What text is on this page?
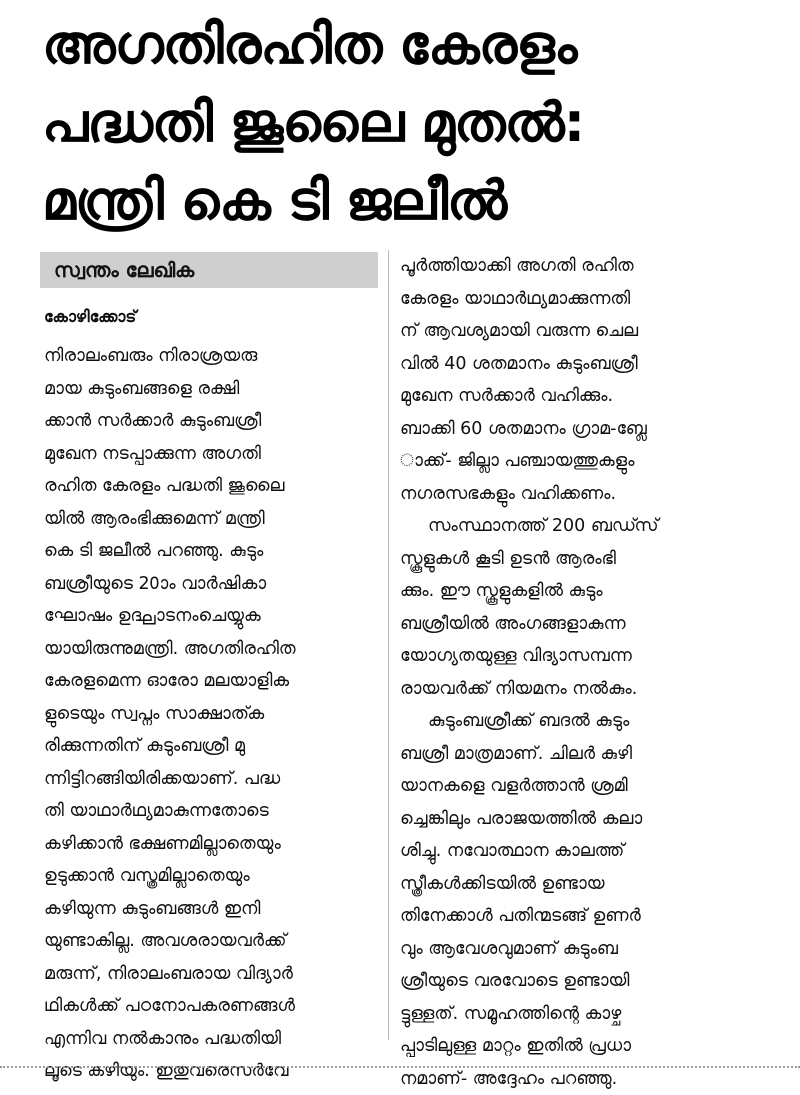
അഗതിരഹിത കേരളം
പദ്ധതി ജൂലൈ മുതൽ:
മന്ത്രി കെ ടി ജലീൽ
സ്വന്തം ലേഖിക
കോഴിക്കോട്
നിരാലംബരും നിരാശ്രയരു
മായ കുടുംബങ്ങളെ രക്ഷി
ക്കാൻ സർക്കാർ കുടുംബശ്രീ
മുഖേന നടപ്പാക്കുന്ന അഗതി
രഹിത കേരളം പദ്ധതി ജൂലൈ
യിൽ ആരംഭിക്കുമെന്ന് മന്ത്രി
കെ ടി ജലീൽ പറഞ്ഞു. കുടും
ബശ്രീയുടെ 20ാം വാർഷികാ
ഘോഷം ഉദ്ഘാടനംചെയ്യുക
യായിരുന്നുമന്ത്രി. അഗതിരഹിത
കേരളമെന്ന ഓരോ മലയാളിക
ളുടെയും സ്വപ്നം സാക്ഷാത്ക
രിക്കുന്നതിന് കുടുംബശ്രീ മു
ന്നിട്ടിറങ്ങിയിരിക്കയാണ്. പദ്ധ
തി യാഥാർഥ്യമാകുന്നതോടെ
കഴിക്കാൻ ഭക്ഷണമില്ലാതെയും
ഉടുക്കാൻ വസ്ത്രമില്ലാതെയും
കഴിയുന്ന കുടുംബങ്ങൾ ഇനി
യുണ്ടാകില്ല. അവശരായവർക്ക്
മരുന്ന്, നിരാലംബരായ വിദ്യാർ
ഥികൾക്ക് പഠനോപകരണങ്ങൾ
എന്നിവ നൽകാനും പദ്ധതിയി
ലൂടെ കഴിയും. ഇതുവരെസർവേ
പൂർത്തിയാക്കി അഗതി രഹിത
കേരളം യാഥാർഥ്യമാക്കുന്നതി
ന് ആവശ്യമായി വരുന്ന ചെല
വിൽ 40 ശതമാനം കുടുംബശ്രീ
മുഖേന സർക്കാർ വഹിക്കും.
ബാക്കി 60 ശതമാനം ഗ്രാമ-ബ്ലേ
ാക്ക്- ജില്ലാ പഞ്ചായത്തുകളും
നഗരസഭകളും വഹിക്കണം.
സംസ്ഥാനത്ത് 200 ബഡ്സ്
സ്കൂളുകൾ കൂടി ഉടൻ ആരംഭി
ക്കും. ഈ സ്കൂളുകളിൽ കുടും
ബശ്രീയിൽ അംഗങ്ങളാകുന്ന
യോഗ്യതയുള്ള വിദ്യാസമ്പന്ന
രായവർക്ക് നിയമനം നൽകും.
കുടുംബശ്രീക്ക് ബദൽ കുടും
ബശ്രീ മാത്രമാണ്. ചിലർ കുഴി
യാനകളെ വളർത്താൻ ശ്രമി
ച്ചെങ്കിലും പരാജയത്തിൽ കലാ
ശിച്ചു. നവോത്ഥാന കാലത്ത്
സ്ത്രീകൾക്കിടയിൽ ഉണ്ടായ
തിനേക്കാൾ പതിന്മടങ്ങ് ഉണർ
വും ആവേശവുമാണ് കുടുംബ
ശ്രീയുടെ വരവോടെ ഉണ്ടായി
ട്ടുള്ളത്. സമൂഹത്തിന്റെ കാഴ്ച
പ്പാടിലുള്ള മാറ്റം ഇതിൽ പ്രധാ
നമാണ്- അദ്ദേഹം പറഞ്ഞു.
